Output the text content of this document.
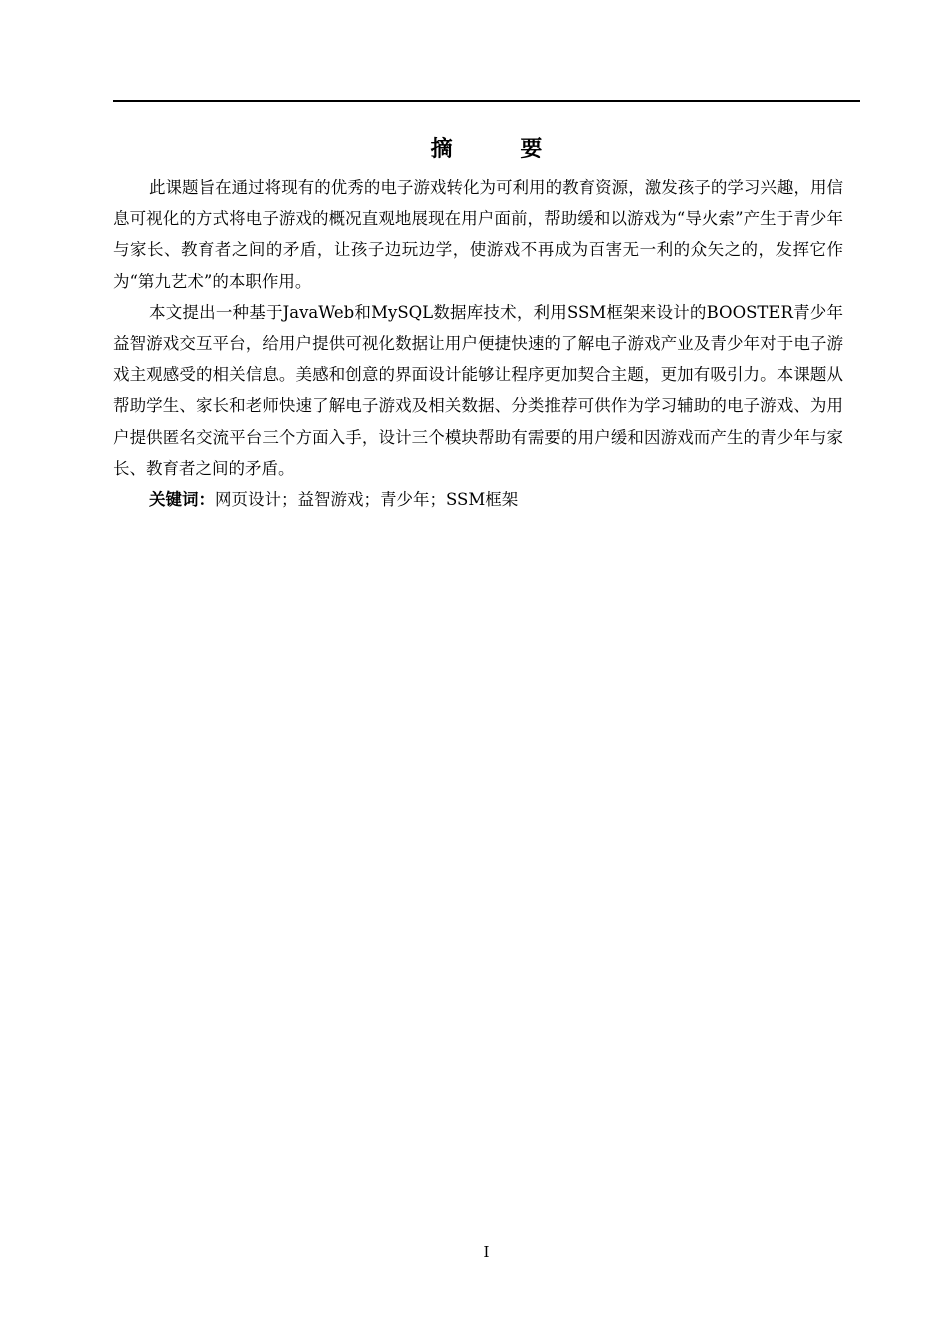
摘 要

此课题旨在通过将现有的优秀的电子游戏转化为可利用的教育资源，激发孩子的学习兴趣，用信息可视化的方式将电子游戏的概况直观地展现在用户面前，帮助缓和以游戏为“导火索”产生于青少年与家长、教育者之间的矛盾，让孩子边玩边学，使游戏不再成为百害无一利的众矢之的，发挥它作为“第九艺术”的本职作用。

本文提出一种基于JavaWeb和MySQL数据库技术，利用SSM框架来设计的BOOSTER青少年益智游戏交互平台，给用户提供可视化数据让用户便捷快速的了解电子游戏产业及青少年对于电子游戏主观感受的相关信息。美感和创意的界面设计能够让程序更加契合主题，更加有吸引力。本课题从帮助学生、家长和老师快速了解电子游戏及相关数据、分类推荐可供作为学习辅助的电子游戏、为用户提供匿名交流平台三个方面入手，设计三个模块帮助有需要的用户缓和因游戏而产生的青少年与家长、教育者之间的矛盾。

关键词：网页设计；益智游戏；青少年；SSM框架

I
